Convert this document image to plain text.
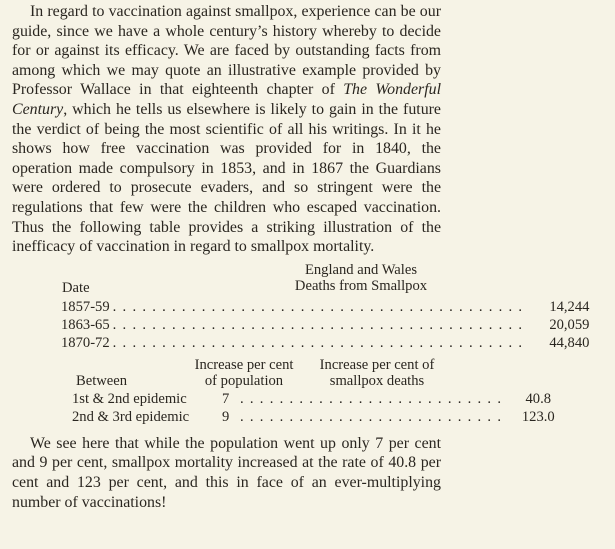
In regard to vaccination against smallpox, experience can be our guide, since we have a whole century’s history whereby to decide for or against its efficacy. We are faced by outstanding facts from among which we may quote an illustrative example provided by Professor Wallace in that eighteenth chapter of The Wonderful Century, which he tells us elsewhere is likely to gain in the future the verdict of being the most scientific of all his writings. In it he shows how free vaccination was provided for in 1840, the operation made compulsory in 1853, and in 1867 the Guardians were ordered to prosecute evaders, and so stringent were the regulations that few were the children who escaped vaccination. Thus the following table provides a striking illustration of the inefficacy of vaccination in regard to smallpox mortality.

England and Wales
Deaths from Smallpox
Date
1857-59 . . . . . . . . . . . . . . . . . . . . . . . . . . . . . . . . . . . . . . . . . .	14,244
1863-65 . . . . . . . . . . . . . . . . . . . . . . . . . . . . . . . . . . . . . . . . . .	20,059
1870-72 . . . . . . . . . . . . . . . . . . . . . . . . . . . . . . . . . . . . . . . . . .	44,840
Between
Increase per cent
of population
Increase per cent of
smallpox deaths
1st & 2nd epidemic	7 . . . . . . . . . . . . . . . . . . . . . . . . . . .	40.8
2nd & 3rd epidemic	9 . . . . . . . . . . . . . . . . . . . . . . . . . . .	123.0

We see here that while the population went up only 7 per cent and 9 per cent, smallpox mortality increased at the rate of 40.8 per cent and 123 per cent, and this in face of an ever-multiplying number of vaccinations!
